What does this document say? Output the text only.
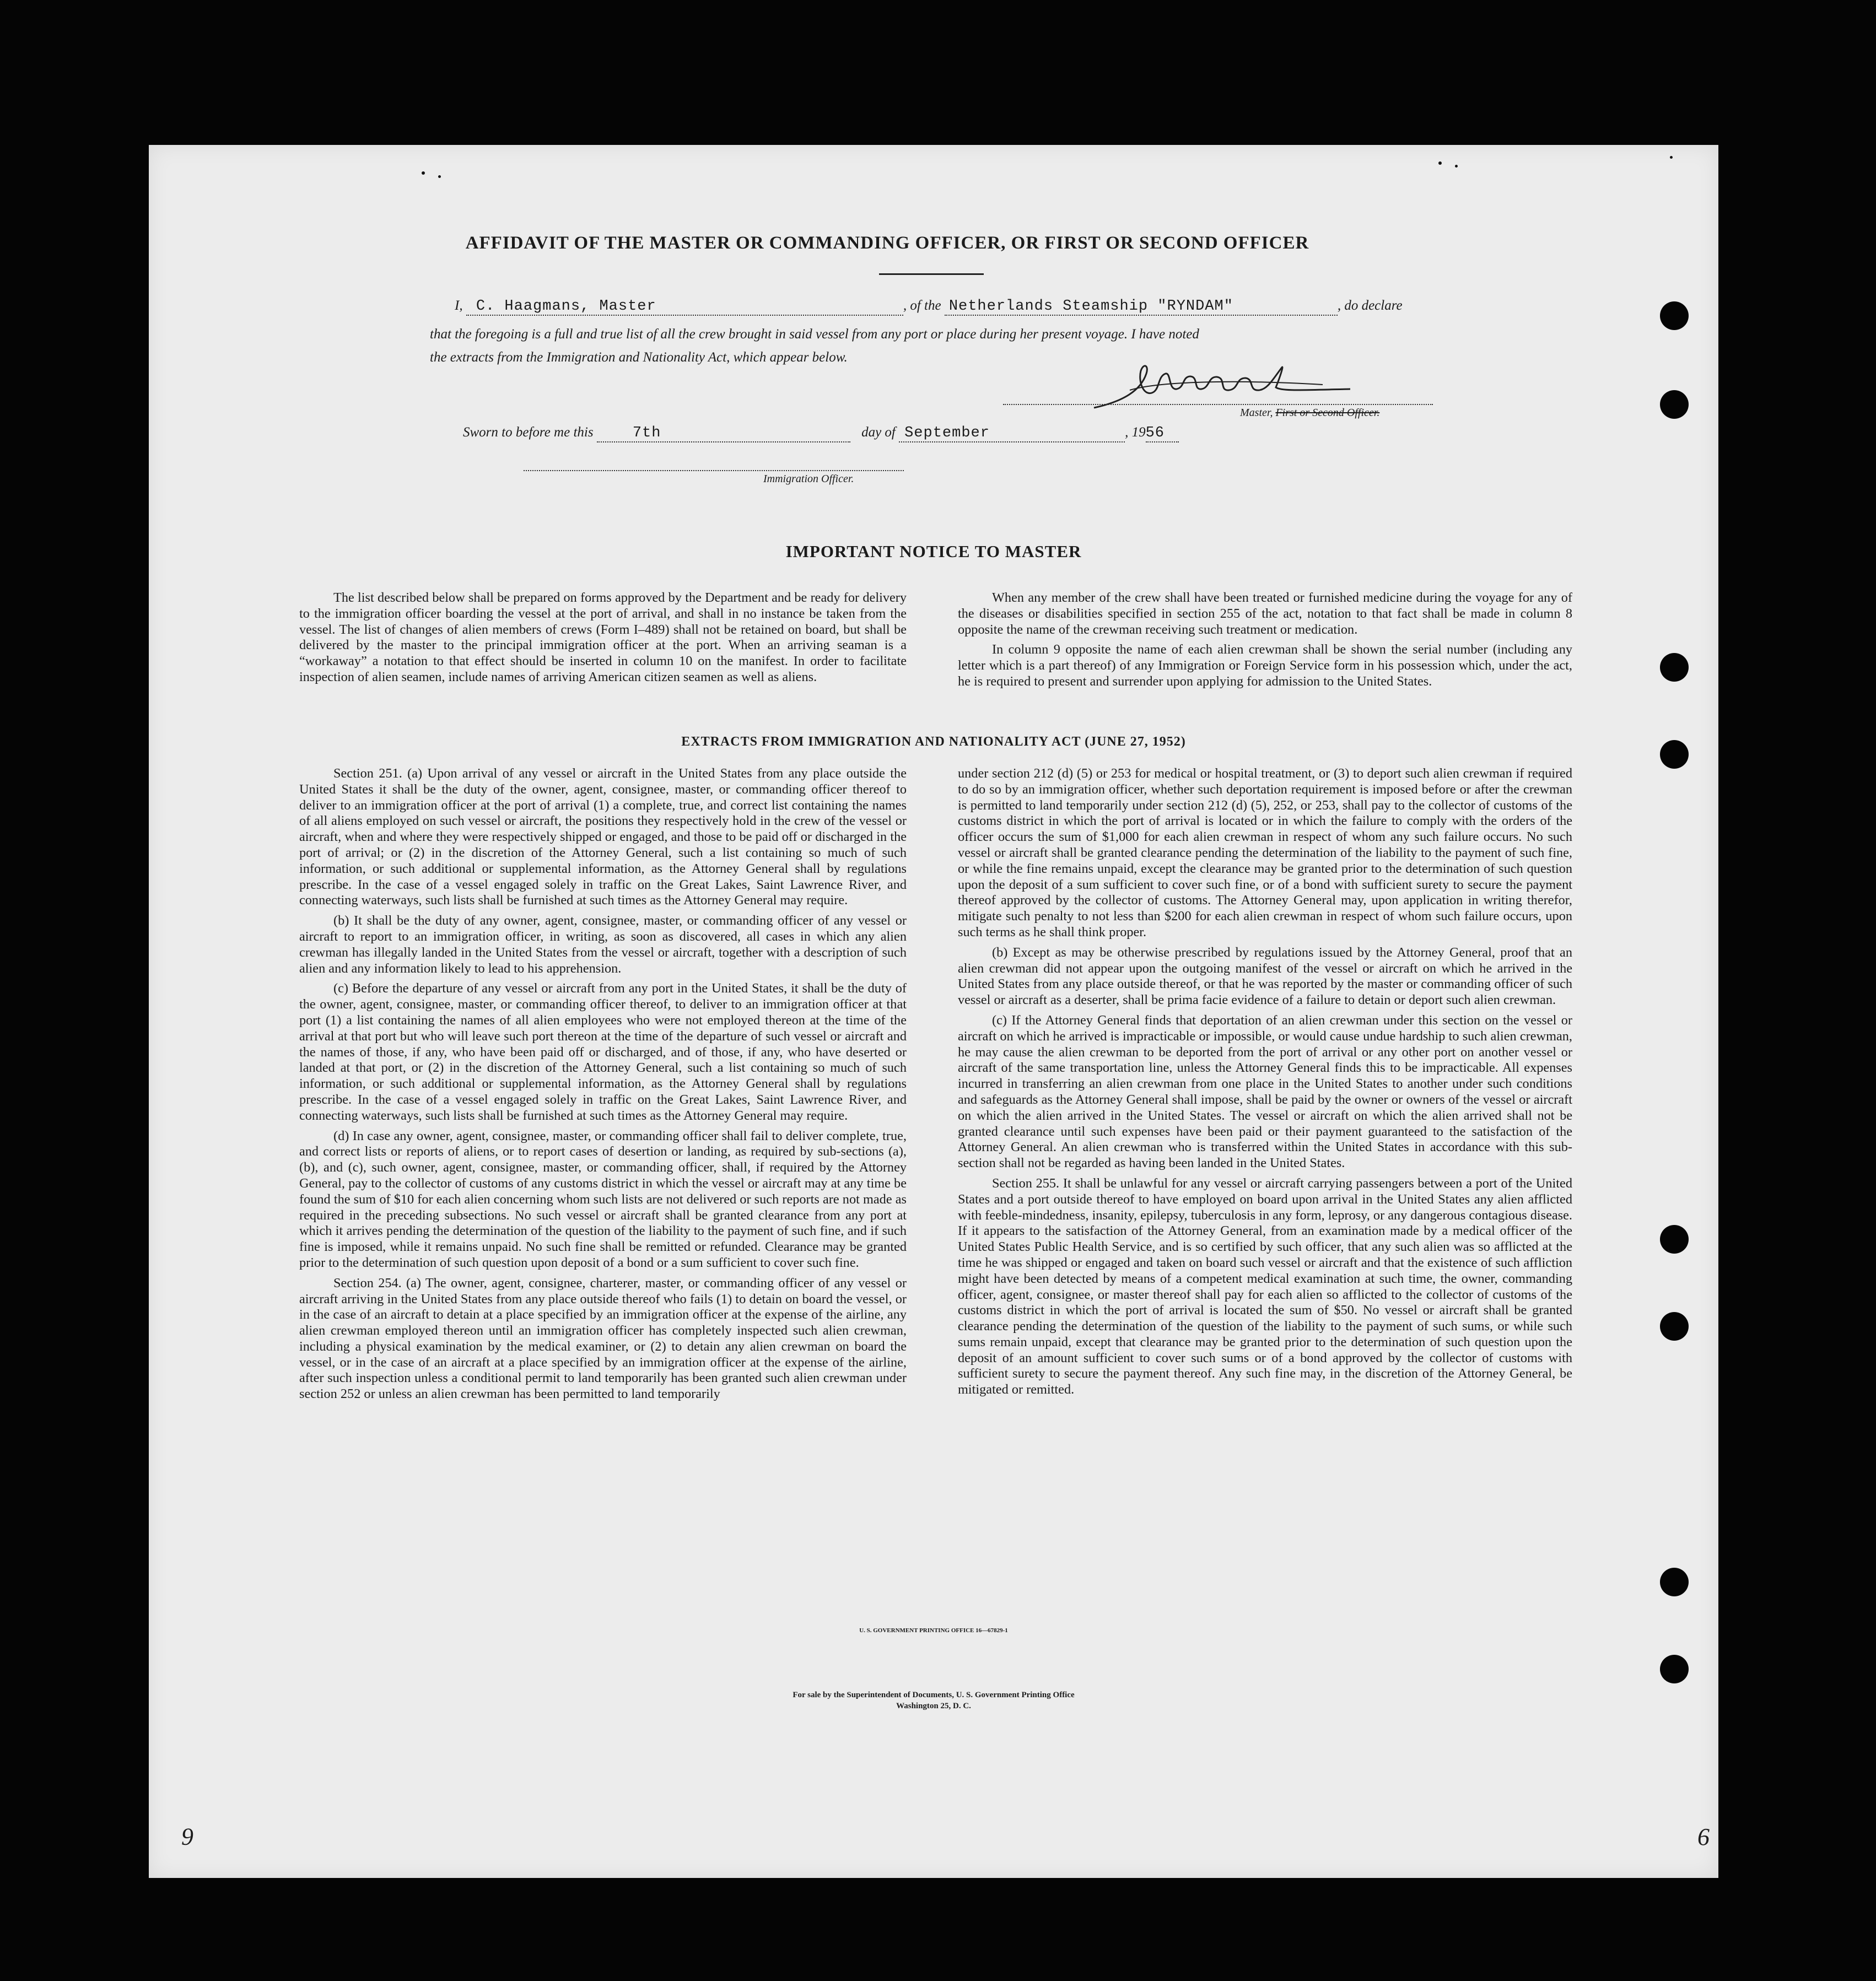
AFFIDAVIT OF THE MASTER OR COMMANDING OFFICER, OR FIRST OR SECOND OFFICER
I, C. Haagmans, Master	, of the Netherlands Steamship "RYNDAM"	, do declare
that the foregoing is a full and true list of all the crew brought in said vessel from any port or place during her present voyage. I have noted
the extracts from the Immigration and Nationality Act, which appear below.
Master, First or Second Officer.
Sworn to before me this	7th	day of September	, 1956
Immigration Officer.
IMPORTANT NOTICE TO MASTER

The list described below shall be prepared on forms approved by the Department and be ready for delivery to the immigration officer boarding the vessel at the port of arrival, and shall in no instance be taken from the vessel. The list of changes of alien members of crews (Form I–489) shall not be retained on board, but shall be delivered by the master to the principal immigration officer at the port. When an arriving seaman is a “workaway” a notation to that effect should be inserted in column 10 on the manifest. In order to facilitate inspection of alien seamen, include names of arriving American citizen seamen as well as aliens.

When any member of the crew shall have been treated or furnished medicine during the voyage for any of the diseases or disabilities specified in section 255 of the act, notation to that fact shall be made in column 8 opposite the name of the crewman receiving such treatment or medication.

In column 9 opposite the name of each alien crewman shall be shown the serial number (including any letter which is a part thereof) of any Immigration or Foreign Service form in his possession which, under the act, he is required to present and surrender upon applying for admission to the United States.

EXTRACTS FROM IMMIGRATION AND NATIONALITY ACT (JUNE 27, 1952)

Section 251. (a) Upon arrival of any vessel or aircraft in the United States from any place outside the United States it shall be the duty of the owner, agent, consignee, master, or commanding officer thereof to deliver to an immigration officer at the port of arrival (1) a complete, true, and correct list containing the names of all aliens employed on such vessel or aircraft, the positions they respectively hold in the crew of the vessel or aircraft, when and where they were respectively shipped or engaged, and those to be paid off or discharged in the port of arrival; or (2) in the discretion of the Attorney General, such a list containing so much of such information, or such additional or supplemental information, as the Attorney General shall by regulations prescribe. In the case of a vessel engaged solely in traffic on the Great Lakes, Saint Lawrence River, and connecting waterways, such lists shall be furnished at such times as the Attorney General may require.

(b) It shall be the duty of any owner, agent, consignee, master, or commanding officer of any vessel or aircraft to report to an immigration officer, in writing, as soon as discovered, all cases in which any alien crewman has illegally landed in the United States from the vessel or aircraft, together with a description of such alien and any information likely to lead to his apprehension.

(c) Before the departure of any vessel or aircraft from any port in the United States, it shall be the duty of the owner, agent, consignee, master, or commanding officer thereof, to deliver to an immigration officer at that port (1) a list containing the names of all alien employees who were not employed thereon at the time of the arrival at that port but who will leave such port thereon at the time of the departure of such vessel or aircraft and the names of those, if any, who have been paid off or discharged, and of those, if any, who have deserted or landed at that port, or (2) in the discretion of the Attorney General, such a list containing so much of such information, or such additional or supplemental information, as the Attorney General shall by regulations prescribe. In the case of a vessel engaged solely in traffic on the Great Lakes, Saint Lawrence River, and connecting waterways, such lists shall be furnished at such times as the Attorney General may require.

(d) In case any owner, agent, consignee, master, or commanding officer shall fail to deliver complete, true, and correct lists or reports of aliens, or to report cases of desertion or landing, as required by sub-sections (a), (b), and (c), such owner, agent, consignee, master, or commanding officer, shall, if required by the Attorney General, pay to the collector of customs of any customs district in which the vessel or aircraft may at any time be found the sum of $10 for each alien concerning whom such lists are not delivered or such reports are not made as required in the preceding subsections. No such vessel or aircraft shall be granted clearance from any port at which it arrives pending the determination of the question of the liability to the payment of such fine, and if such fine is imposed, while it remains unpaid. No such fine shall be remitted or refunded. Clearance may be granted prior to the determination of such question upon deposit of a bond or a sum sufficient to cover such fine.

Section 254. (a) The owner, agent, consignee, charterer, master, or commanding officer of any vessel or aircraft arriving in the United States from any place outside thereof who fails (1) to detain on board the vessel, or in the case of an aircraft to detain at a place specified by an immigration officer at the expense of the airline, any alien crewman employed thereon until an immigration officer has completely inspected such alien crewman, including a physical examination by the medical examiner, or (2) to detain any alien crewman on board the vessel, or in the case of an aircraft at a place specified by an immigration officer at the expense of the airline, after such inspection unless a conditional permit to land temporarily has been granted such alien crewman under section 252 or unless an alien crewman has been permitted to land temporarily

under section 212 (d) (5) or 253 for medical or hospital treatment, or (3) to deport such alien crewman if required to do so by an immigration officer, whether such deportation requirement is imposed before or after the crewman is permitted to land temporarily under section 212 (d) (5), 252, or 253, shall pay to the collector of customs of the customs district in which the port of arrival is located or in which the failure to comply with the orders of the officer occurs the sum of $1,000 for each alien crewman in respect of whom any such failure occurs. No such vessel or aircraft shall be granted clearance pending the determination of the liability to the payment of such fine, or while the fine remains unpaid, except the clearance may be granted prior to the determination of such question upon the deposit of a sum sufficient to cover such fine, or of a bond with sufficient surety to secure the payment thereof approved by the collector of customs. The Attorney General may, upon application in writing therefor, mitigate such penalty to not less than $200 for each alien crewman in respect of whom such failure occurs, upon such terms as he shall think proper.

(b) Except as may be otherwise prescribed by regulations issued by the Attorney General, proof that an alien crewman did not appear upon the outgoing manifest of the vessel or aircraft on which he arrived in the United States from any place outside thereof, or that he was reported by the master or commanding officer of such vessel or aircraft as a deserter, shall be prima facie evidence of a failure to detain or deport such alien crewman.

(c) If the Attorney General finds that deportation of an alien crewman under this section on the vessel or aircraft on which he arrived is impracticable or impossible, or would cause undue hardship to such alien crewman, he may cause the alien crewman to be deported from the port of arrival or any other port on another vessel or aircraft of the same transportation line, unless the Attorney General finds this to be impracticable. All expenses incurred in transferring an alien crewman from one place in the United States to another under such conditions and safeguards as the Attorney General shall impose, shall be paid by the owner or owners of the vessel or aircraft on which the alien arrived in the United States. The vessel or aircraft on which the alien arrived shall not be granted clearance until such expenses have been paid or their payment guaranteed to the satisfaction of the Attorney General. An alien crewman who is transferred within the United States in accordance with this sub-section shall not be regarded as having been landed in the United States.

Section 255. It shall be unlawful for any vessel or aircraft carrying passengers between a port of the United States and a port outside thereof to have employed on board upon arrival in the United States any alien afflicted with feeble-mindedness, insanity, epilepsy, tuberculosis in any form, leprosy, or any dangerous contagious disease. If it appears to the satisfaction of the Attorney General, from an examination made by a medical officer of the United States Public Health Service, and is so certified by such officer, that any such alien was so afflicted at the time he was shipped or engaged and taken on board such vessel or aircraft and that the existence of such affliction might have been detected by means of a competent medical examination at such time, the owner, commanding officer, agent, consignee, or master thereof shall pay for each alien so afflicted to the collector of customs of the customs district in which the port of arrival is located the sum of $50. No vessel or aircraft shall be granted clearance pending the determination of the question of the liability to the payment of such sums, or while such sums remain unpaid, except that clearance may be granted prior to the determination of such question upon the deposit of an amount sufficient to cover such sums or of a bond approved by the collector of customs with sufficient surety to secure the payment thereof. Any such fine may, in the discretion of the Attorney General, be mitigated or remitted.

U. S. GOVERNMENT PRINTING OFFICE 16—67829-1
For sale by the Superintendent of Documents, U. S. Government Printing Office
Washington 25, D. C.
6	6
